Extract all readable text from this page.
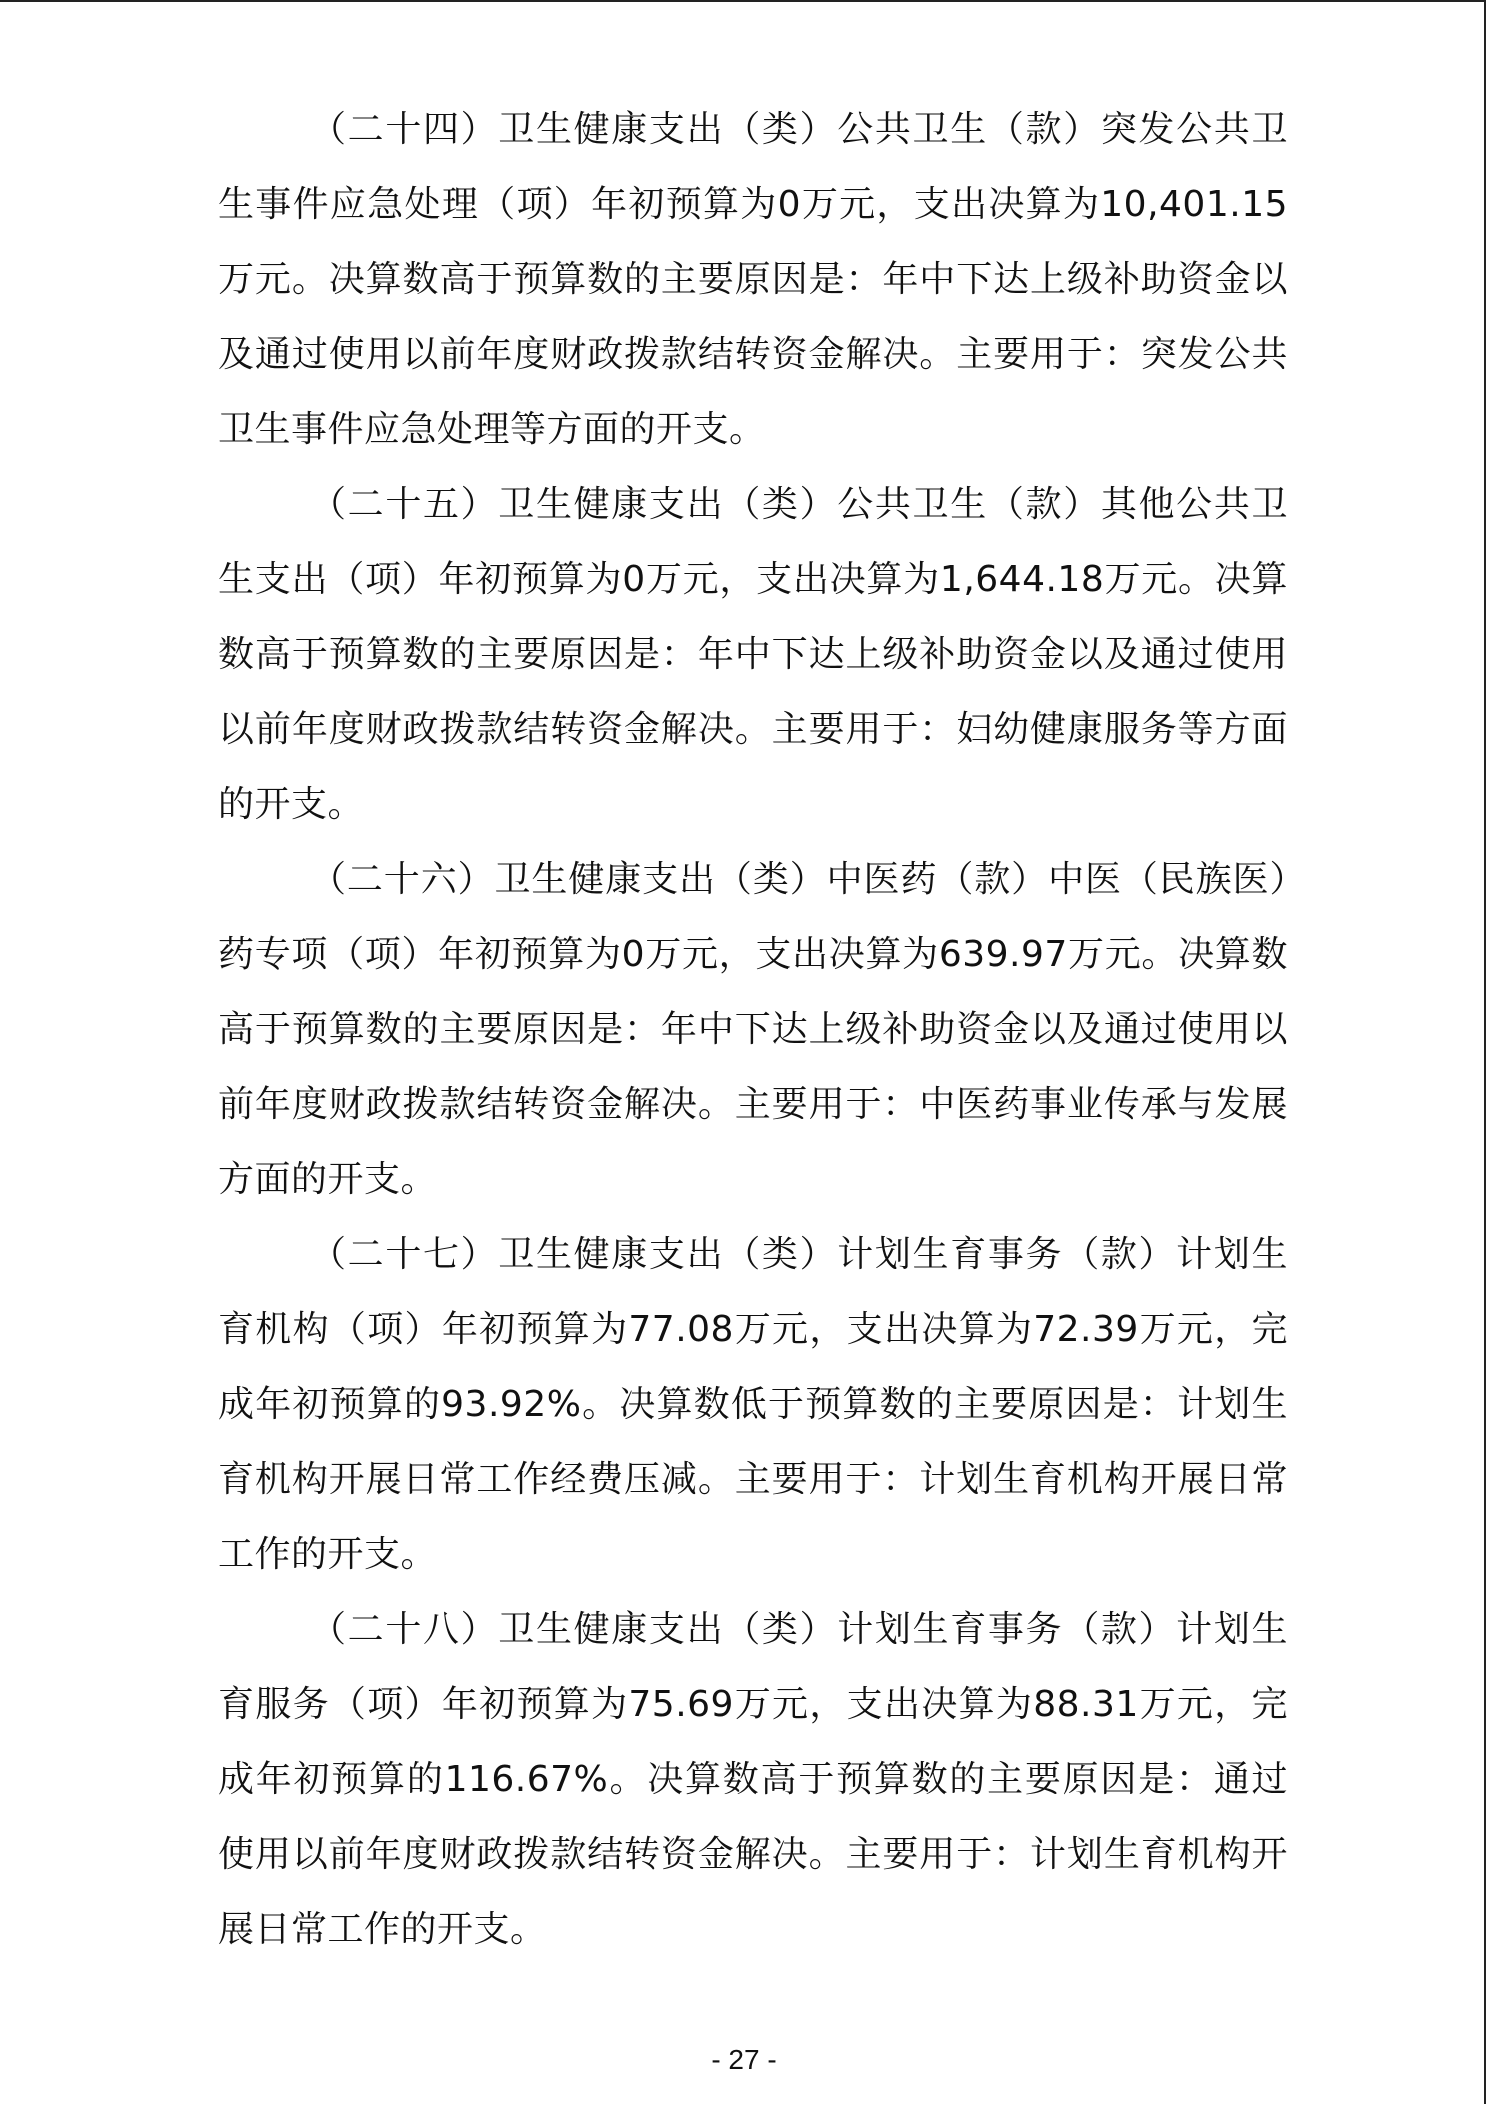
（二十四）卫生健康支出（类）公共卫生（款）突发公共卫生事件应急处理（项）年初预算为0万元，支出决算为10,401.15万元。决算数高于预算数的主要原因是：年中下达上级补助资金以及通过使用以前年度财政拨款结转资金解决。主要用于：突发公共卫生事件应急处理等方面的开支。

（二十五）卫生健康支出（类）公共卫生（款）其他公共卫生支出（项）年初预算为0万元，支出决算为1,644.18万元。决算数高于预算数的主要原因是：年中下达上级补助资金以及通过使用以前年度财政拨款结转资金解决。主要用于：妇幼健康服务等方面的开支。

（二十六）卫生健康支出（类）中医药（款）中医（民族医）药专项（项）年初预算为0万元，支出决算为639.97万元。决算数高于预算数的主要原因是：年中下达上级补助资金以及通过使用以前年度财政拨款结转资金解决。主要用于：中医药事业传承与发展方面的开支。

（二十七）卫生健康支出（类）计划生育事务（款）计划生育机构（项）年初预算为77.08万元，支出决算为72.39万元，完成年初预算的93.92%。决算数低于预算数的主要原因是：计划生育机构开展日常工作经费压减。主要用于：计划生育机构开展日常工作的开支。

（二十八）卫生健康支出（类）计划生育事务（款）计划生育服务（项）年初预算为75.69万元，支出决算为88.31万元，完成年初预算的116.67%。决算数高于预算数的主要原因是：通过使用以前年度财政拨款结转资金解决。主要用于：计划生育机构开展日常工作的开支。

- 27 -
